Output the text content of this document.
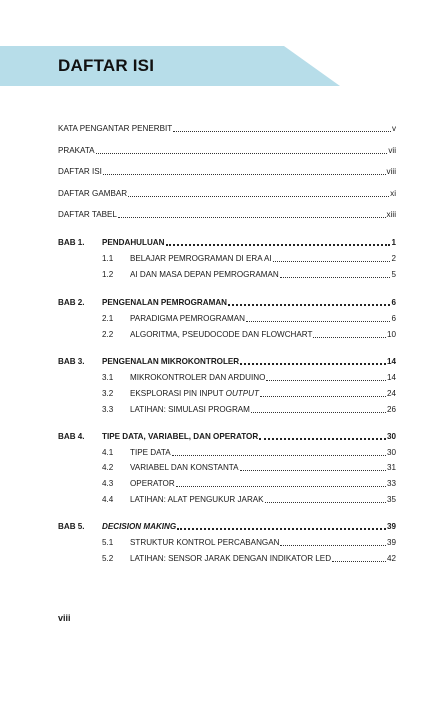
DAFTAR ISI
KATA PENGANTAR PENERBIT	v
PRAKATA	vii
DAFTAR ISI	viii
DAFTAR GAMBAR	xi
DAFTAR TABEL	xiii
BAB 1. PENDAHULUAN	1
1.1 BELAJAR PEMROGRAMAN DI ERA AI	2
1.2 AI DAN MASA DEPAN PEMROGRAMAN	5
BAB 2. PENGENALAN PEMROGRAMAN	6
2.1 PARADIGMA PEMROGRAMAN	6
2.2 ALGORITMA, PSEUDOCODE DAN FLOWCHART	10
BAB 3. PENGENALAN MIKROKONTROLER	14
3.1 MIKROKONTROLER DAN ARDUINO	14
3.2 EKSPLORASI PIN INPUT OUTPUT	24
3.3 LATIHAN: SIMULASI PROGRAM	26
BAB 4. TIPE DATA, VARIABEL, DAN OPERATOR	30
4.1 TIPE DATA	30
4.2 VARIABEL DAN KONSTANTA	31
4.3 OPERATOR	33
4.4 LATIHAN: ALAT PENGUKUR JARAK	35
BAB 5. DECISION MAKING	39
5.1 STRUKTUR KONTROL PERCABANGAN	39
5.2 LATIHAN: SENSOR JARAK DENGAN INDIKATOR LED	42
viii
